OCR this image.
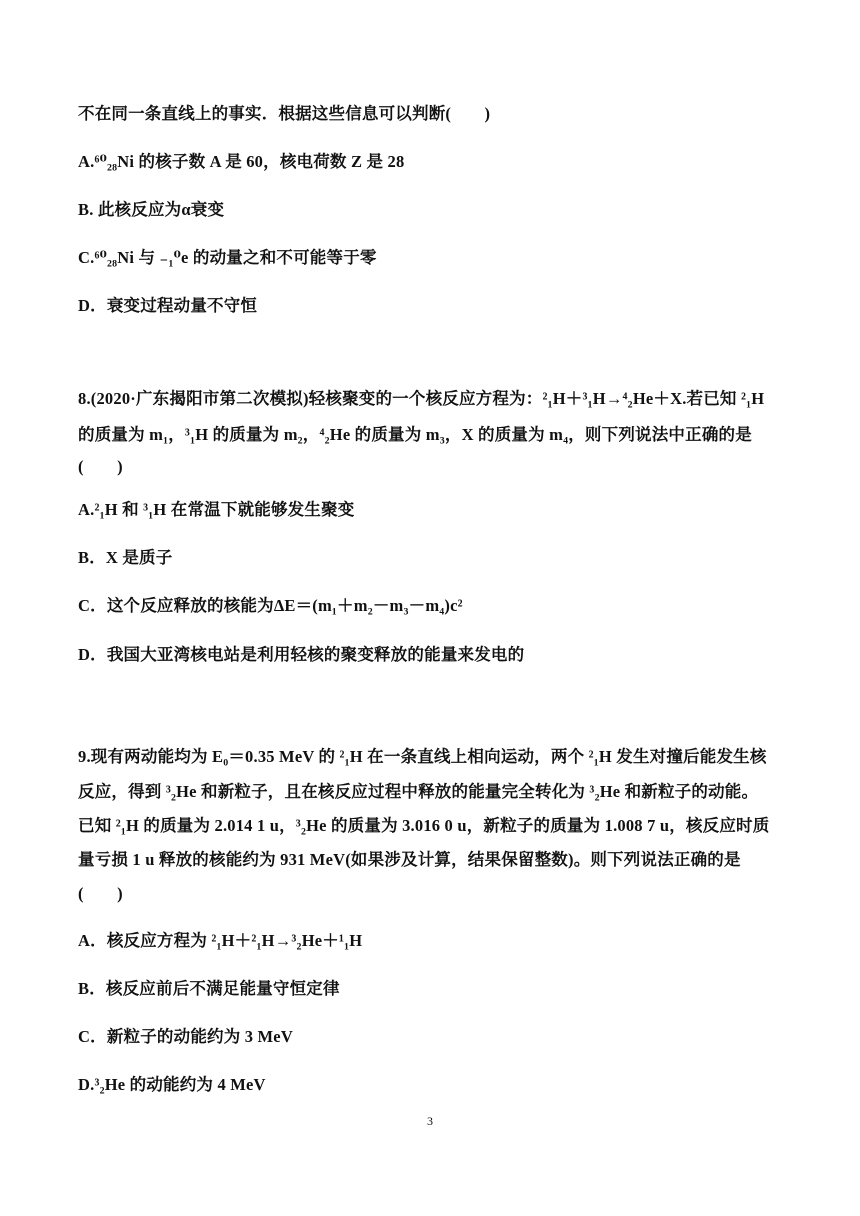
不在同一条直线上的事实．根据这些信息可以判断(　　)
A.⁶⁰₂₈Ni 的核子数 A 是 60，核电荷数 Z 是 28
B. 此核反应为α衰变
C.⁶⁰₂₈Ni 与 ₋₁⁰e 的动量之和不可能等于零
D．衰变过程动量不守恒
8.(2020·广东揭阳市第二次模拟)轻核聚变的一个核反应方程为：²₁H＋³₁H→⁴₂He＋X.若已知 ²₁H
的质量为 m₁，³₁H 的质量为 m₂，⁴₂He 的质量为 m₃，X 的质量为 m₄，则下列说法中正确的是
(　　)
A.²₁H 和 ³₁H 在常温下就能够发生聚变
B．X 是质子
C．这个反应释放的核能为ΔE＝(m₁＋m₂－m₃－m₄)c²
D．我国大亚湾核电站是利用轻核的聚变释放的能量来发电的
9.现有两动能均为 E₀＝0.35 MeV 的 ²₁H 在一条直线上相向运动，两个 ²₁H 发生对撞后能发生核
反应，得到 ³₂He 和新粒子，且在核反应过程中释放的能量完全转化为 ³₂He 和新粒子的动能。
已知 ²₁H 的质量为 2.014 1 u，³₂He 的质量为 3.016 0 u，新粒子的质量为 1.008 7 u，核反应时质
量亏损 1 u 释放的核能约为 931 MeV(如果涉及计算，结果保留整数)。则下列说法正确的是
(　　)
A．核反应方程为 ²₁H＋²₁H→³₂He＋¹₁H
B．核反应前后不满足能量守恒定律
C．新粒子的动能约为 3 MeV
D.³₂He 的动能约为 4 MeV
3
